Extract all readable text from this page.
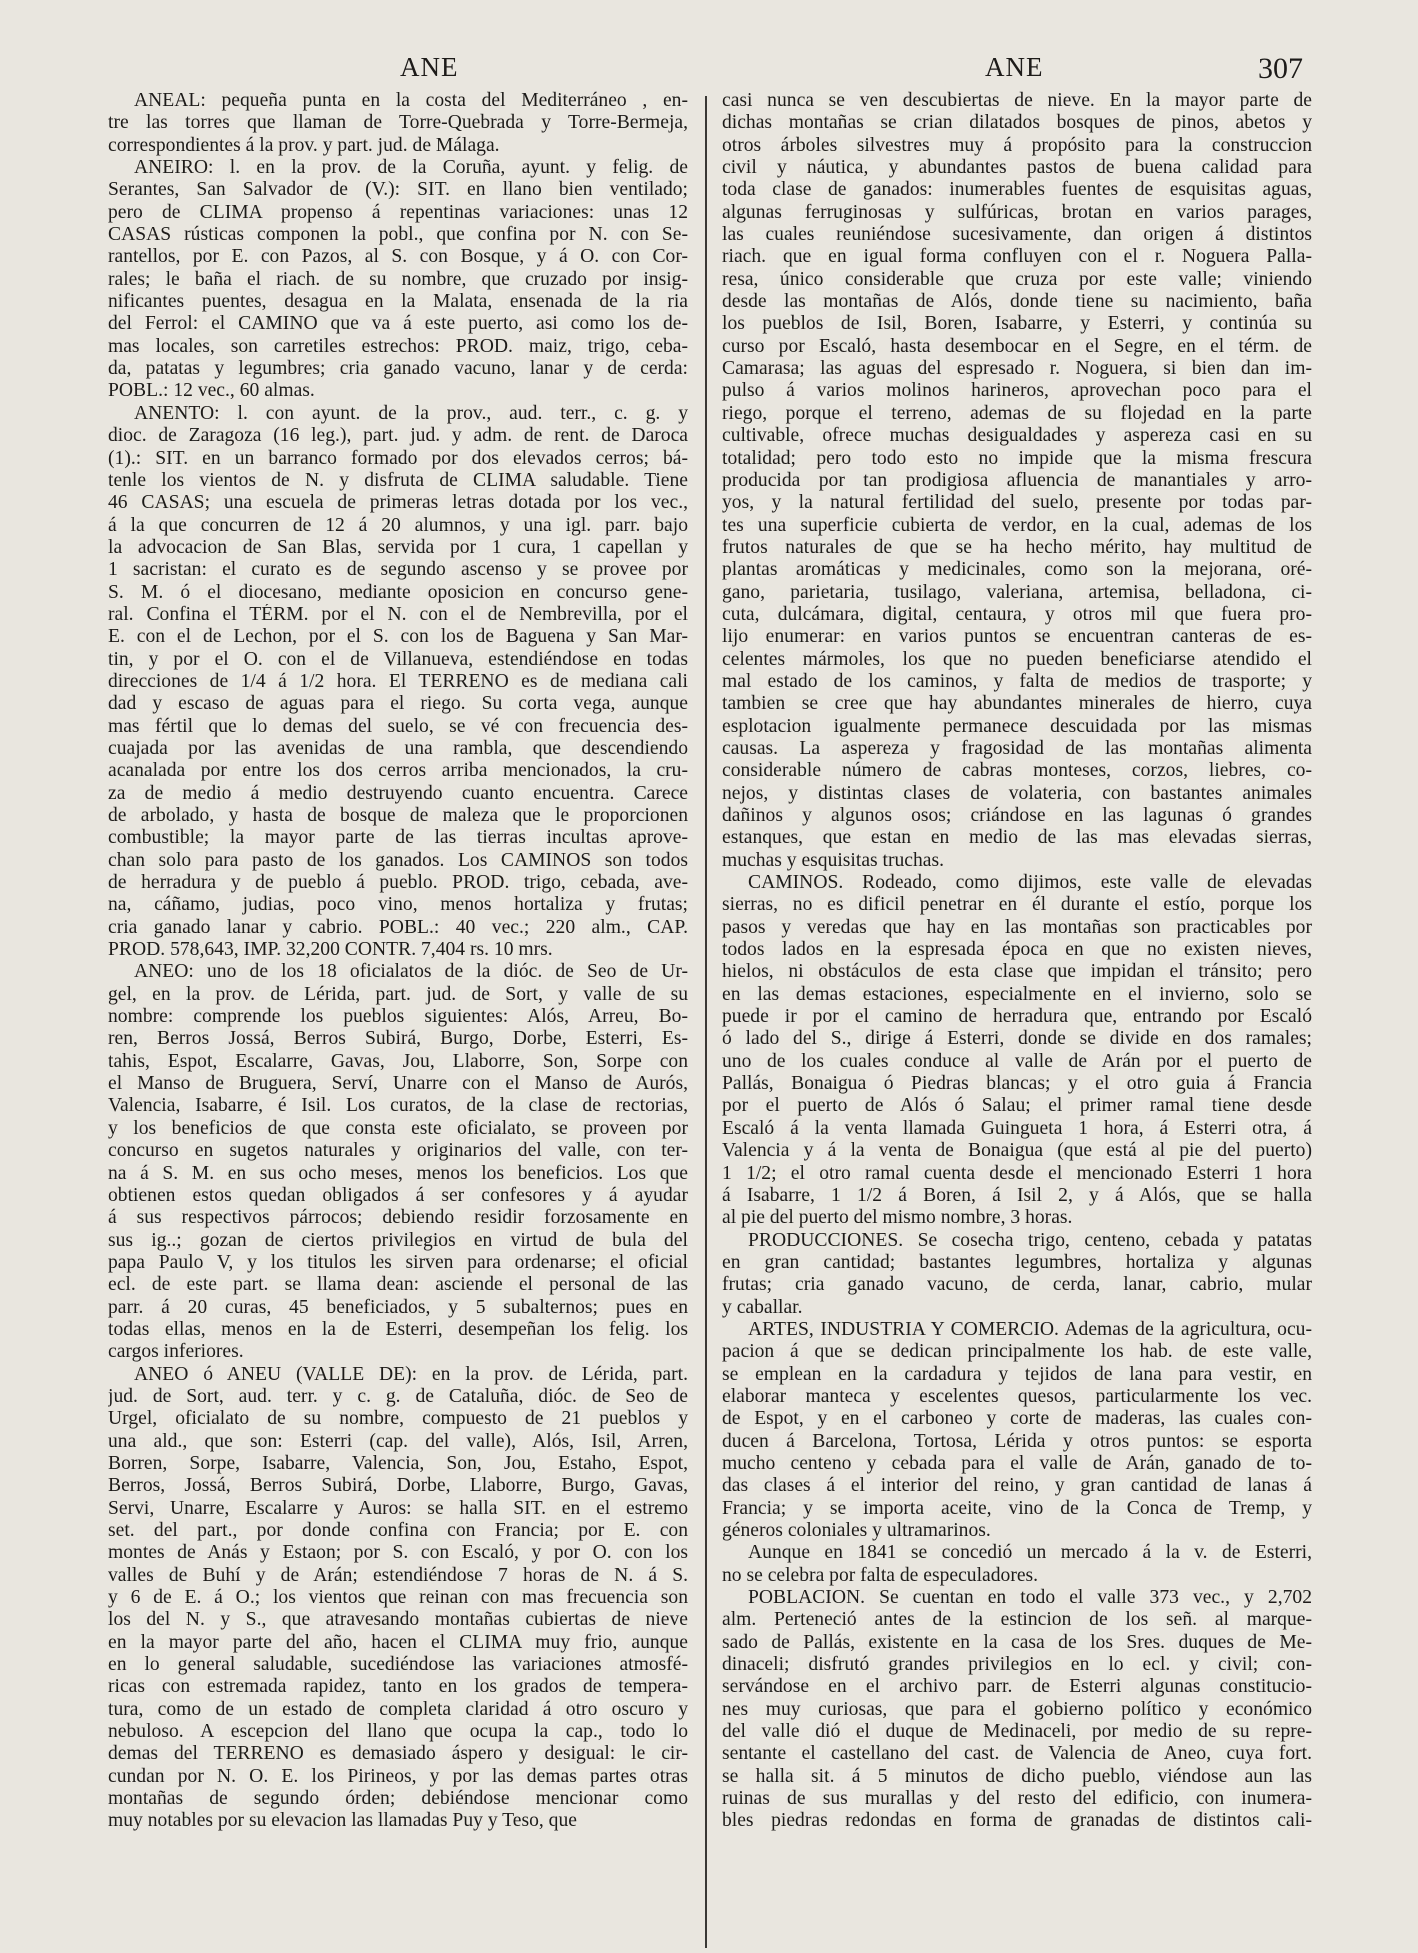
ANE	ANE	307
ANEAL: pequeña punta en la costa del Mediterráneo , en-
tre las torres que llaman de Torre-Quebrada y Torre-Bermeja,
correspondientes á la prov. y part. jud. de Málaga.
ANEIRO: l. en la prov. de la Coruña, ayunt. y felig. de
Serantes, San Salvador de (V.): SIT. en llano bien ventilado;
pero de CLIMA propenso á repentinas variaciones: unas 12
CASAS rústicas componen la pobl., que confina por N. con Se-
rantellos, por E. con Pazos, al S. con Bosque, y á O. con Cor-
rales; le baña el riach. de su nombre, que cruzado por insig-
nificantes puentes, desagua en la Malata, ensenada de la ria
del Ferrol: el CAMINO que va á este puerto, asi como los de-
mas locales, son carretiles estrechos: PROD. maiz, trigo, ceba-
da, patatas y legumbres; cria ganado vacuno, lanar y de cerda:
POBL.: 12 vec., 60 almas.
ANENTO: l. con ayunt. de la prov., aud. terr., c. g. y
dioc. de Zaragoza (16 leg.), part. jud. y adm. de rent. de Daroca
(1).: SIT. en un barranco formado por dos elevados cerros; bá-
tenle los vientos de N. y disfruta de CLIMA saludable. Tiene
46 CASAS; una escuela de primeras letras dotada por los vec.,
á la que concurren de 12 á 20 alumnos, y una igl. parr. bajo
la advocacion de San Blas, servida por 1 cura, 1 capellan y
1 sacristan: el curato es de segundo ascenso y se provee por
S. M. ó el diocesano, mediante oposicion en concurso gene-
ral. Confina el TÉRM. por el N. con el de Nembrevilla, por el
E. con el de Lechon, por el S. con los de Baguena y San Mar-
tin, y por el O. con el de Villanueva, estendiéndose en todas
direcciones de 1/4 á 1/2 hora. El TERRENO es de mediana cali
dad y escaso de aguas para el riego. Su corta vega, aunque
mas fértil que lo demas del suelo, se vé con frecuencia des-
cuajada por las avenidas de una rambla, que descendiendo
acanalada por entre los dos cerros arriba mencionados, la cru-
za de medio á medio destruyendo cuanto encuentra. Carece
de arbolado, y hasta de bosque de maleza que le proporcionen
combustible; la mayor parte de las tierras incultas aprove-
chan solo para pasto de los ganados. Los CAMINOS son todos
de herradura y de pueblo á pueblo. PROD. trigo, cebada, ave-
na, cáñamo, judias, poco vino, menos hortaliza y frutas;
cria ganado lanar y cabrio. POBL.: 40 vec.; 220 alm., CAP.
PROD. 578,643, IMP. 32,200 CONTR. 7,404 rs. 10 mrs.
ANEO: uno de los 18 oficialatos de la dióc. de Seo de Ur-
gel, en la prov. de Lérida, part. jud. de Sort, y valle de su
nombre: comprende los pueblos siguientes: Alós, Arreu, Bo-
ren, Berros Jossá, Berros Subirá, Burgo, Dorbe, Esterri, Es-
tahis, Espot, Escalarre, Gavas, Jou, Llaborre, Son, Sorpe con
el Manso de Bruguera, Serví, Unarre con el Manso de Aurós,
Valencia, Isabarre, é Isil. Los curatos, de la clase de rectorias,
y los beneficios de que consta este oficialato, se proveen por
concurso en sugetos naturales y originarios del valle, con ter-
na á S. M. en sus ocho meses, menos los beneficios. Los que
obtienen estos quedan obligados á ser confesores y á ayudar
á sus respectivos párrocos; debiendo residir forzosamente en
sus ig..; gozan de ciertos privilegios en virtud de bula del
papa Paulo V, y los titulos les sirven para ordenarse; el oficial
ecl. de este part. se llama dean: asciende el personal de las
parr. á 20 curas, 45 beneficiados, y 5 subalternos; pues en
todas ellas, menos en la de Esterri, desempeñan los felig. los
cargos inferiores.
ANEO ó ANEU (VALLE DE): en la prov. de Lérida, part.
jud. de Sort, aud. terr. y c. g. de Cataluña, dióc. de Seo de
Urgel, oficialato de su nombre, compuesto de 21 pueblos y
una ald., que son: Esterri (cap. del valle), Alós, Isil, Arren,
Borren, Sorpe, Isabarre, Valencia, Son, Jou, Estaho, Espot,
Berros, Jossá, Berros Subirá, Dorbe, Llaborre, Burgo, Gavas,
Servi, Unarre, Escalarre y Auros: se halla SIT. en el estremo
set. del part., por donde confina con Francia; por E. con
montes de Anás y Estaon; por S. con Escaló, y por O. con los
valles de Buhí y de Arán; estendiéndose 7 horas de N. á S.
y 6 de E. á O.; los vientos que reinan con mas frecuencia son
los del N. y S., que atravesando montañas cubiertas de nieve
en la mayor parte del año, hacen el CLIMA muy frio, aunque
en lo general saludable, sucediéndose las variaciones atmosfé-
ricas con estremada rapidez, tanto en los grados de tempera-
tura, como de un estado de completa claridad á otro oscuro y
nebuloso. A escepcion del llano que ocupa la cap., todo lo
demas del TERRENO es demasiado áspero y desigual: le cir-
cundan por N. O. E. los Pirineos, y por las demas partes otras
montañas de segundo órden; debiéndose mencionar como
muy notables por su elevacion las llamadas Puy y Teso, que
casi nunca se ven descubiertas de nieve. En la mayor parte de
dichas montañas se crian dilatados bosques de pinos, abetos y
otros árboles silvestres muy á propósito para la construccion
civil y náutica, y abundantes pastos de buena calidad para
toda clase de ganados: inumerables fuentes de esquisitas aguas,
algunas ferruginosas y sulfúricas, brotan en varios parages,
las cuales reuniéndose sucesivamente, dan origen á distintos
riach. que en igual forma confluyen con el r. Noguera Palla-
resa, único considerable que cruza por este valle; viniendo
desde las montañas de Alós, donde tiene su nacimiento, baña
los pueblos de Isil, Boren, Isabarre, y Esterri, y continúa su
curso por Escaló, hasta desembocar en el Segre, en el térm. de
Camarasa; las aguas del espresado r. Noguera, si bien dan im-
pulso á varios molinos harineros, aprovechan poco para el
riego, porque el terreno, ademas de su flojedad en la parte
cultivable, ofrece muchas desigualdades y aspereza casi en su
totalidad; pero todo esto no impide que la misma frescura
producida por tan prodigiosa afluencia de manantiales y arro-
yos, y la natural fertilidad del suelo, presente por todas par-
tes una superficie cubierta de verdor, en la cual, ademas de los
frutos naturales de que se ha hecho mérito, hay multitud de
plantas aromáticas y medicinales, como son la mejorana, oré-
gano, parietaria, tusilago, valeriana, artemisa, belladona, ci-
cuta, dulcámara, digital, centaura, y otros mil que fuera pro-
lijo enumerar: en varios puntos se encuentran canteras de es-
celentes mármoles, los que no pueden beneficiarse atendido el
mal estado de los caminos, y falta de medios de trasporte; y
tambien se cree que hay abundantes minerales de hierro, cuya
esplotacion igualmente permanece descuidada por las mismas
causas. La aspereza y fragosidad de las montañas alimenta
considerable número de cabras monteses, corzos, liebres, co-
nejos, y distintas clases de volateria, con bastantes animales
dañinos y algunos osos; criándose en las lagunas ó grandes
estanques, que estan en medio de las mas elevadas sierras,
muchas y esquisitas truchas.
CAMINOS. Rodeado, como dijimos, este valle de elevadas
sierras, no es dificil penetrar en él durante el estío, porque los
pasos y veredas que hay en las montañas son practicables por
todos lados en la espresada época en que no existen nieves,
hielos, ni obstáculos de esta clase que impidan el tránsito; pero
en las demas estaciones, especialmente en el invierno, solo se
puede ir por el camino de herradura que, entrando por Escaló
ó lado del S., dirige á Esterri, donde se divide en dos ramales;
uno de los cuales conduce al valle de Arán por el puerto de
Pallás, Bonaigua ó Piedras blancas; y el otro guia á Francia
por el puerto de Alós ó Salau; el primer ramal tiene desde
Escaló á la venta llamada Guingueta 1 hora, á Esterri otra, á
Valencia y á la venta de Bonaigua (que está al pie del puerto)
1 1/2; el otro ramal cuenta desde el mencionado Esterri 1 hora
á Isabarre, 1 1/2 á Boren, á Isil 2, y á Alós, que se halla
al pie del puerto del mismo nombre, 3 horas.
PRODUCCIONES. Se cosecha trigo, centeno, cebada y patatas
en gran cantidad; bastantes legumbres, hortaliza y algunas
frutas; cria ganado vacuno, de cerda, lanar, cabrio, mular
y caballar.
ARTES, INDUSTRIA Y COMERCIO. Ademas de la agricultura, ocu-
pacion á que se dedican principalmente los hab. de este valle,
se emplean en la cardadura y tejidos de lana para vestir, en
elaborar manteca y escelentes quesos, particularmente los vec.
de Espot, y en el carboneo y corte de maderas, las cuales con-
ducen á Barcelona, Tortosa, Lérida y otros puntos: se esporta
mucho centeno y cebada para el valle de Arán, ganado de to-
das clases á el interior del reino, y gran cantidad de lanas á
Francia; y se importa aceite, vino de la Conca de Tremp, y
géneros coloniales y ultramarinos.
Aunque en 1841 se concedió un mercado á la v. de Esterri,
no se celebra por falta de especuladores.
POBLACION. Se cuentan en todo el valle 373 vec., y 2,702
alm. Perteneció antes de la estincion de los señ. al marque-
sado de Pallás, existente en la casa de los Sres. duques de Me-
dinaceli; disfrutó grandes privilegios en lo ecl. y civil; con-
servándose en el archivo parr. de Esterri algunas constitucio-
nes muy curiosas, que para el gobierno político y económico
del valle dió el duque de Medinaceli, por medio de su repre-
sentante el castellano del cast. de Valencia de Aneo, cuya fort.
se halla sit. á 5 minutos de dicho pueblo, viéndose aun las
ruinas de sus murallas y del resto del edificio, con inumera-
bles piedras redondas en forma de granadas de distintos cali-
